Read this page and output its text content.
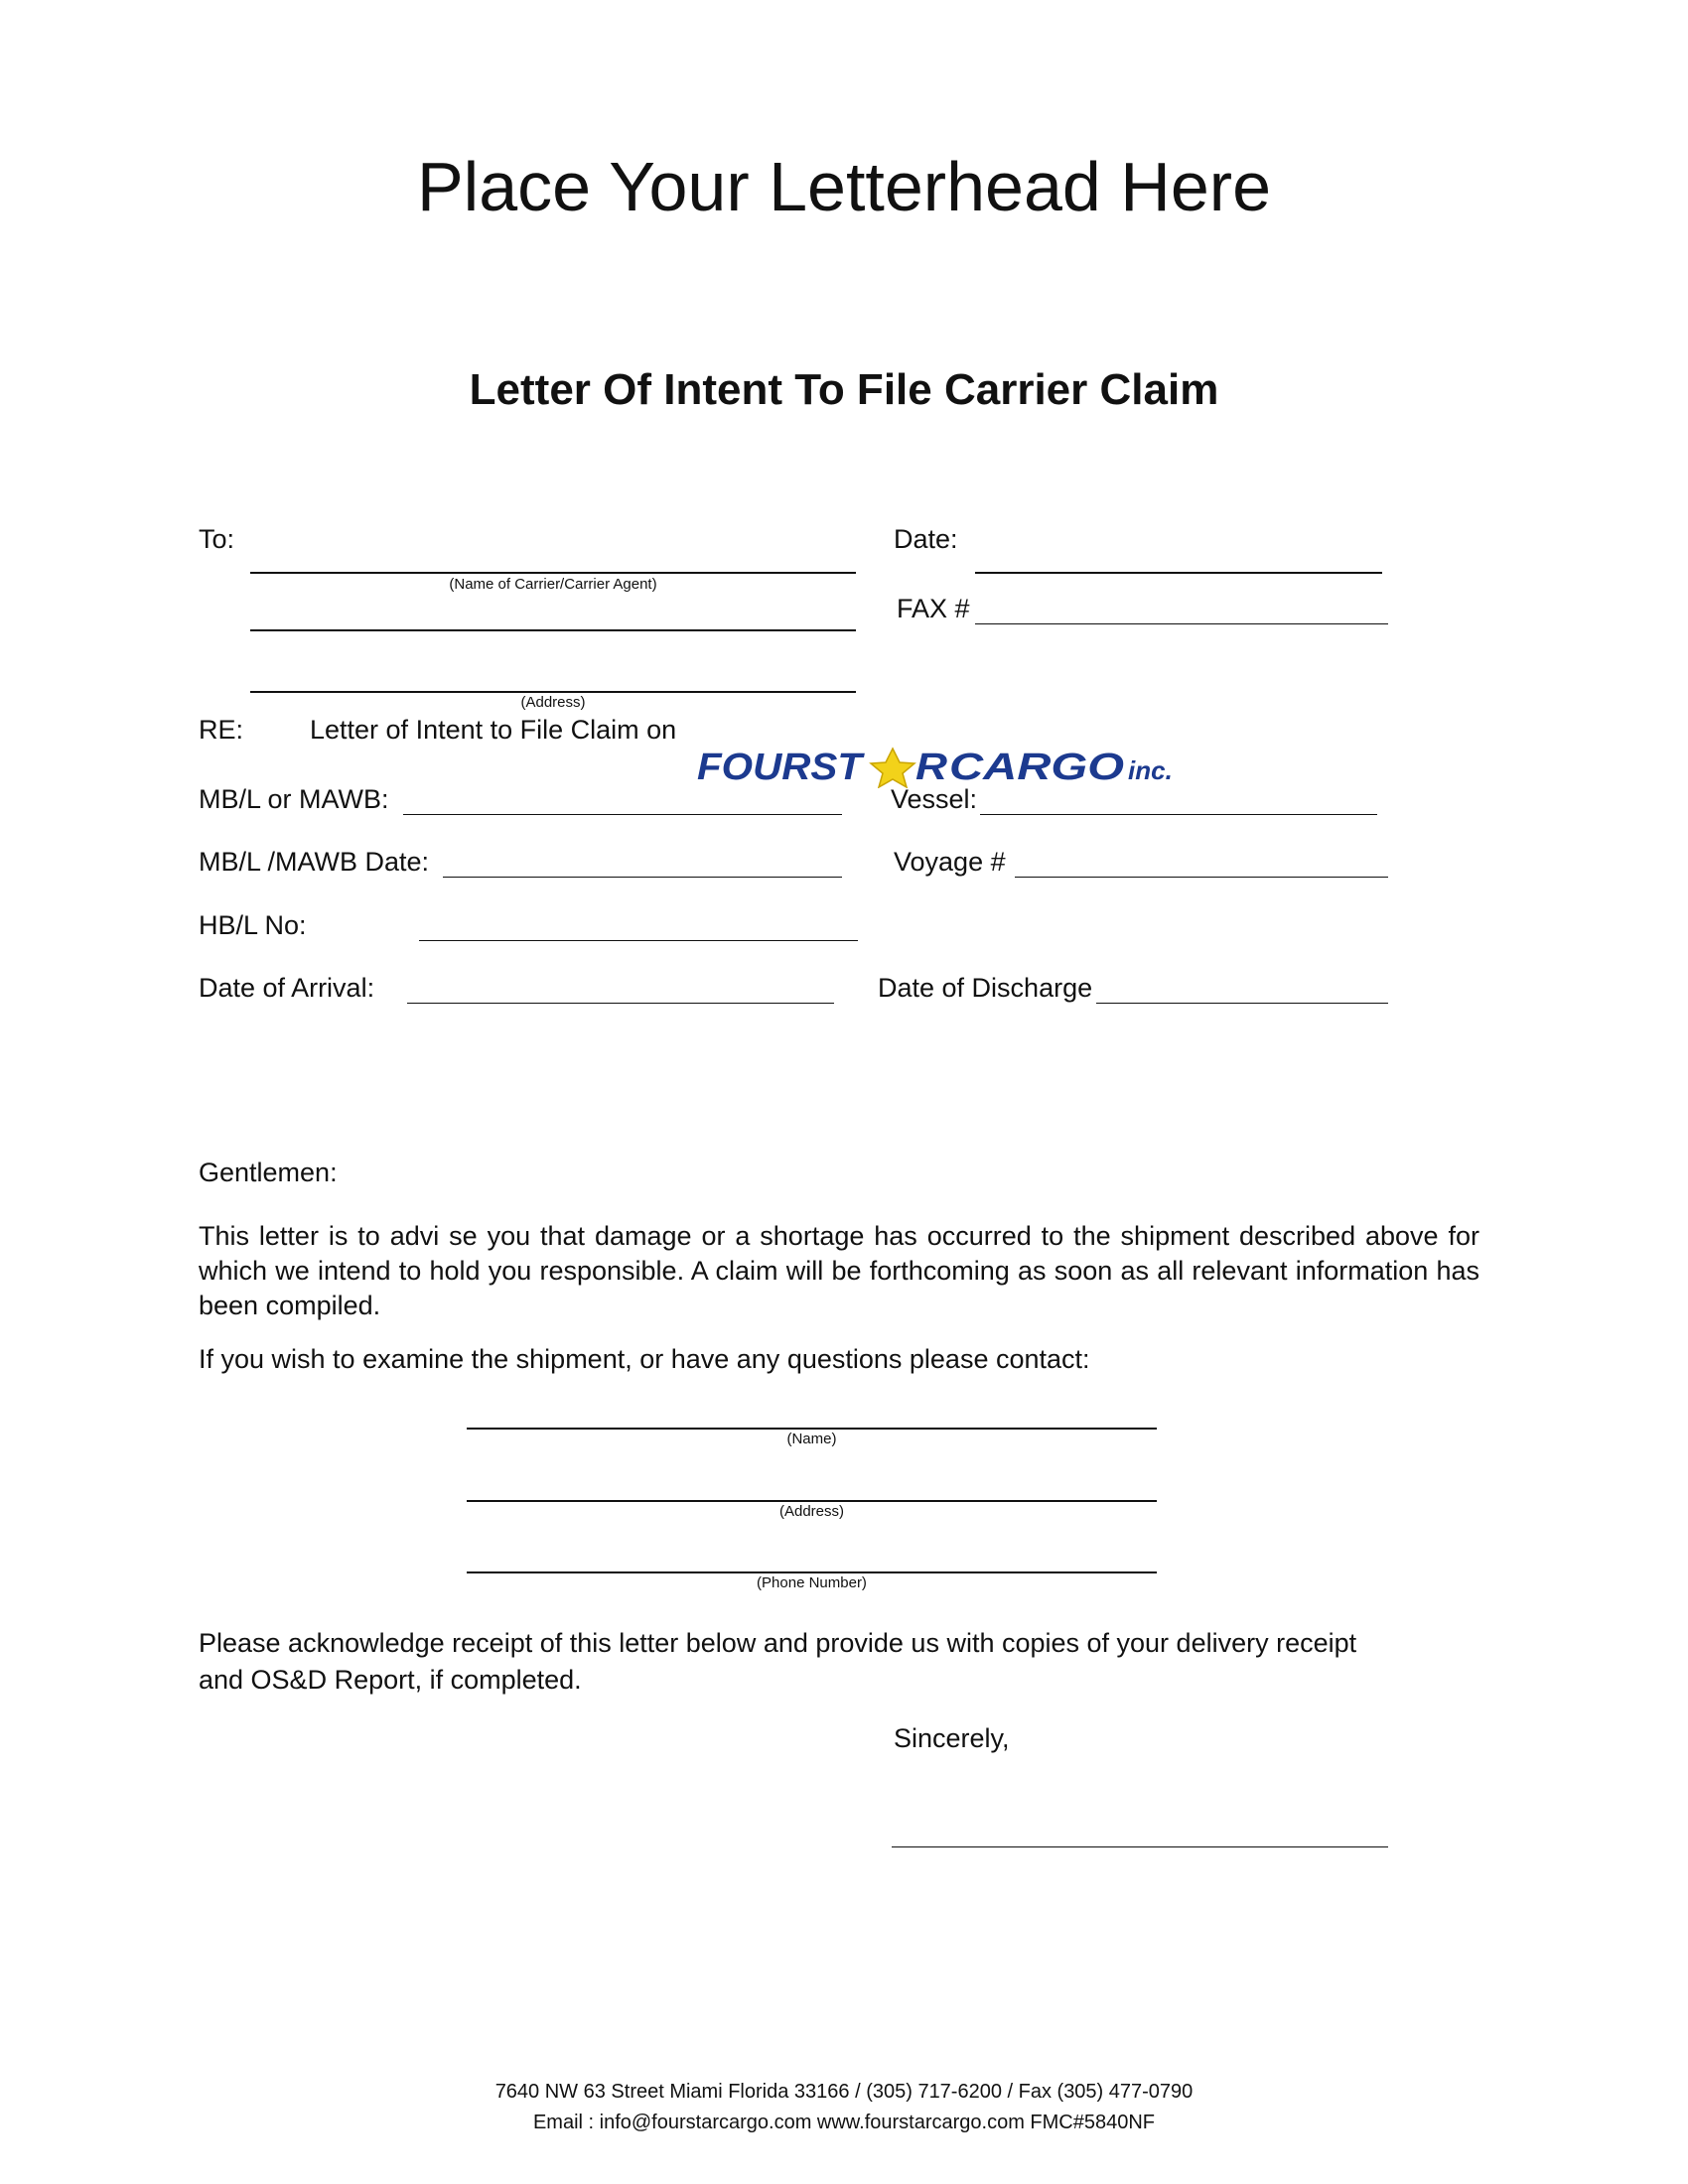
Place Your Letterhead Here
Letter Of Intent To File Carrier Claim
To:
(Name of Carrier/Carrier Agent)
(Address)
Date:
FAX #
RE: Letter of Intent to File Claim on
FOURST R CARGO inc.
MB/L or MAWB:	Vessel:
MB/L /MAWB Date:	Voyage #
HB/L No:
Date of Arrival:	Date of Discharge
Gentlemen:
This letter is to advi se you that damage or a shortage has occurred to the shipment described above for which we intend to hold you responsible. A claim will be forthcoming as soon as all relevant information has been compiled.
If you wish to examine the shipment, or have any questions please contact:
(Name)
(Address)
(Phone Number)
Please acknowledge receipt of this letter below and provide us with copies of your delivery receipt
and OS&D Report, if completed.
Sincerely,
7640 NW 63 Street Miami Florida 33166 / (305) 717-6200 / Fax (305) 477-0790
Email : info@fourstarcargo.com www.fourstarcargo.com FMC#5840NF
